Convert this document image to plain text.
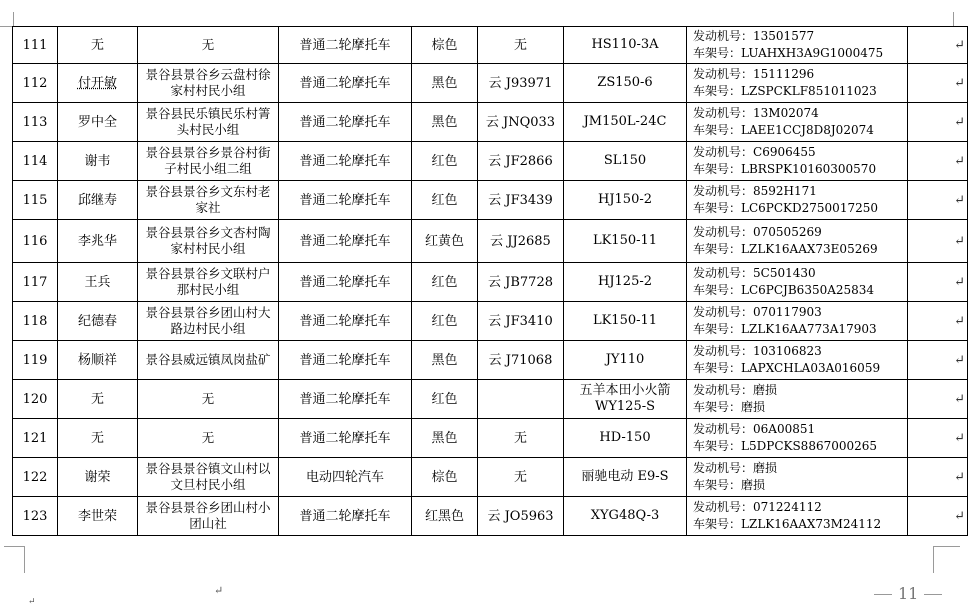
111	无	无	普通二轮摩托车	棕色	无	HS110-3A	发动机号：13501577
车架号：LUAHXH3A9G1000475	↵
112	付开敏	景谷县景谷乡云盘村徐家村村民小组	普通二轮摩托车	黑色	云 J93971	ZS150-6	发动机号：15111296
车架号：LZSPCKLF851011023	↵
113	罗中全	景谷县民乐镇民乐村箐头村民小组	普通二轮摩托车	黑色	云 JNQ033	JM150L-24C	发动机号：13M02074
车架号：LAEE1CCJ8D8J02074	↵
114	谢韦	景谷县景谷乡景谷村街子村民小组二组	普通二轮摩托车	红色	云 JF2866	SL150	发动机号：C6906455
车架号：LBRSPK10160300570	↵
115	邱继寿	景谷县景谷乡文东村老家社	普通二轮摩托车	红色	云 JF3439	HJ150-2	发动机号：8592H171
车架号：LC6PCKD2750017250	↵
116	李兆华	景谷县景谷乡文杏村陶家村村民小组	普通二轮摩托车	红黄色	云 JJ2685	LK150-11	发动机号：070505269
车架号：LZLK16AAX73E05269	↵
117	王兵	景谷县景谷乡文联村户那村民小组	普通二轮摩托车	红色	云 JB7728	HJ125-2	发动机号：5C501430
车架号：LC6PCJB6350A25834	↵
118	纪德春	景谷县景谷乡团山村大路边村民小组	普通二轮摩托车	红色	云 JF3410	LK150-11	发动机号：070117903
车架号：LZLK16AA773A17903	↵
119	杨顺祥	景谷县威远镇凤岗盐矿	普通二轮摩托车	黑色	云 J71068	JY110	发动机号：103106823
车架号：LAPXCHLA03A016059	↵
120	无	无	普通二轮摩托车	红色		五羊本田小火箭 WY125-S	发动机号：磨损
车架号：磨损	↵
121	无	无	普通二轮摩托车	黑色	无	HD-150	发动机号：06A00851
车架号：L5DPCKS8867000265	↵
122	谢荣	景谷县景谷镇文山村以文旦村民小组	电动四轮汽车	棕色	无	丽驰电动 E9-S	发动机号：磨损
车架号：磨损	↵
123	李世荣	景谷县景谷乡团山村小团山社	普通二轮摩托车	红黑色	云 JO5963	XYG48Q-3	发动机号：071224112
车架号：LZLK16AAX73M24112	↵
↵
↵	11
